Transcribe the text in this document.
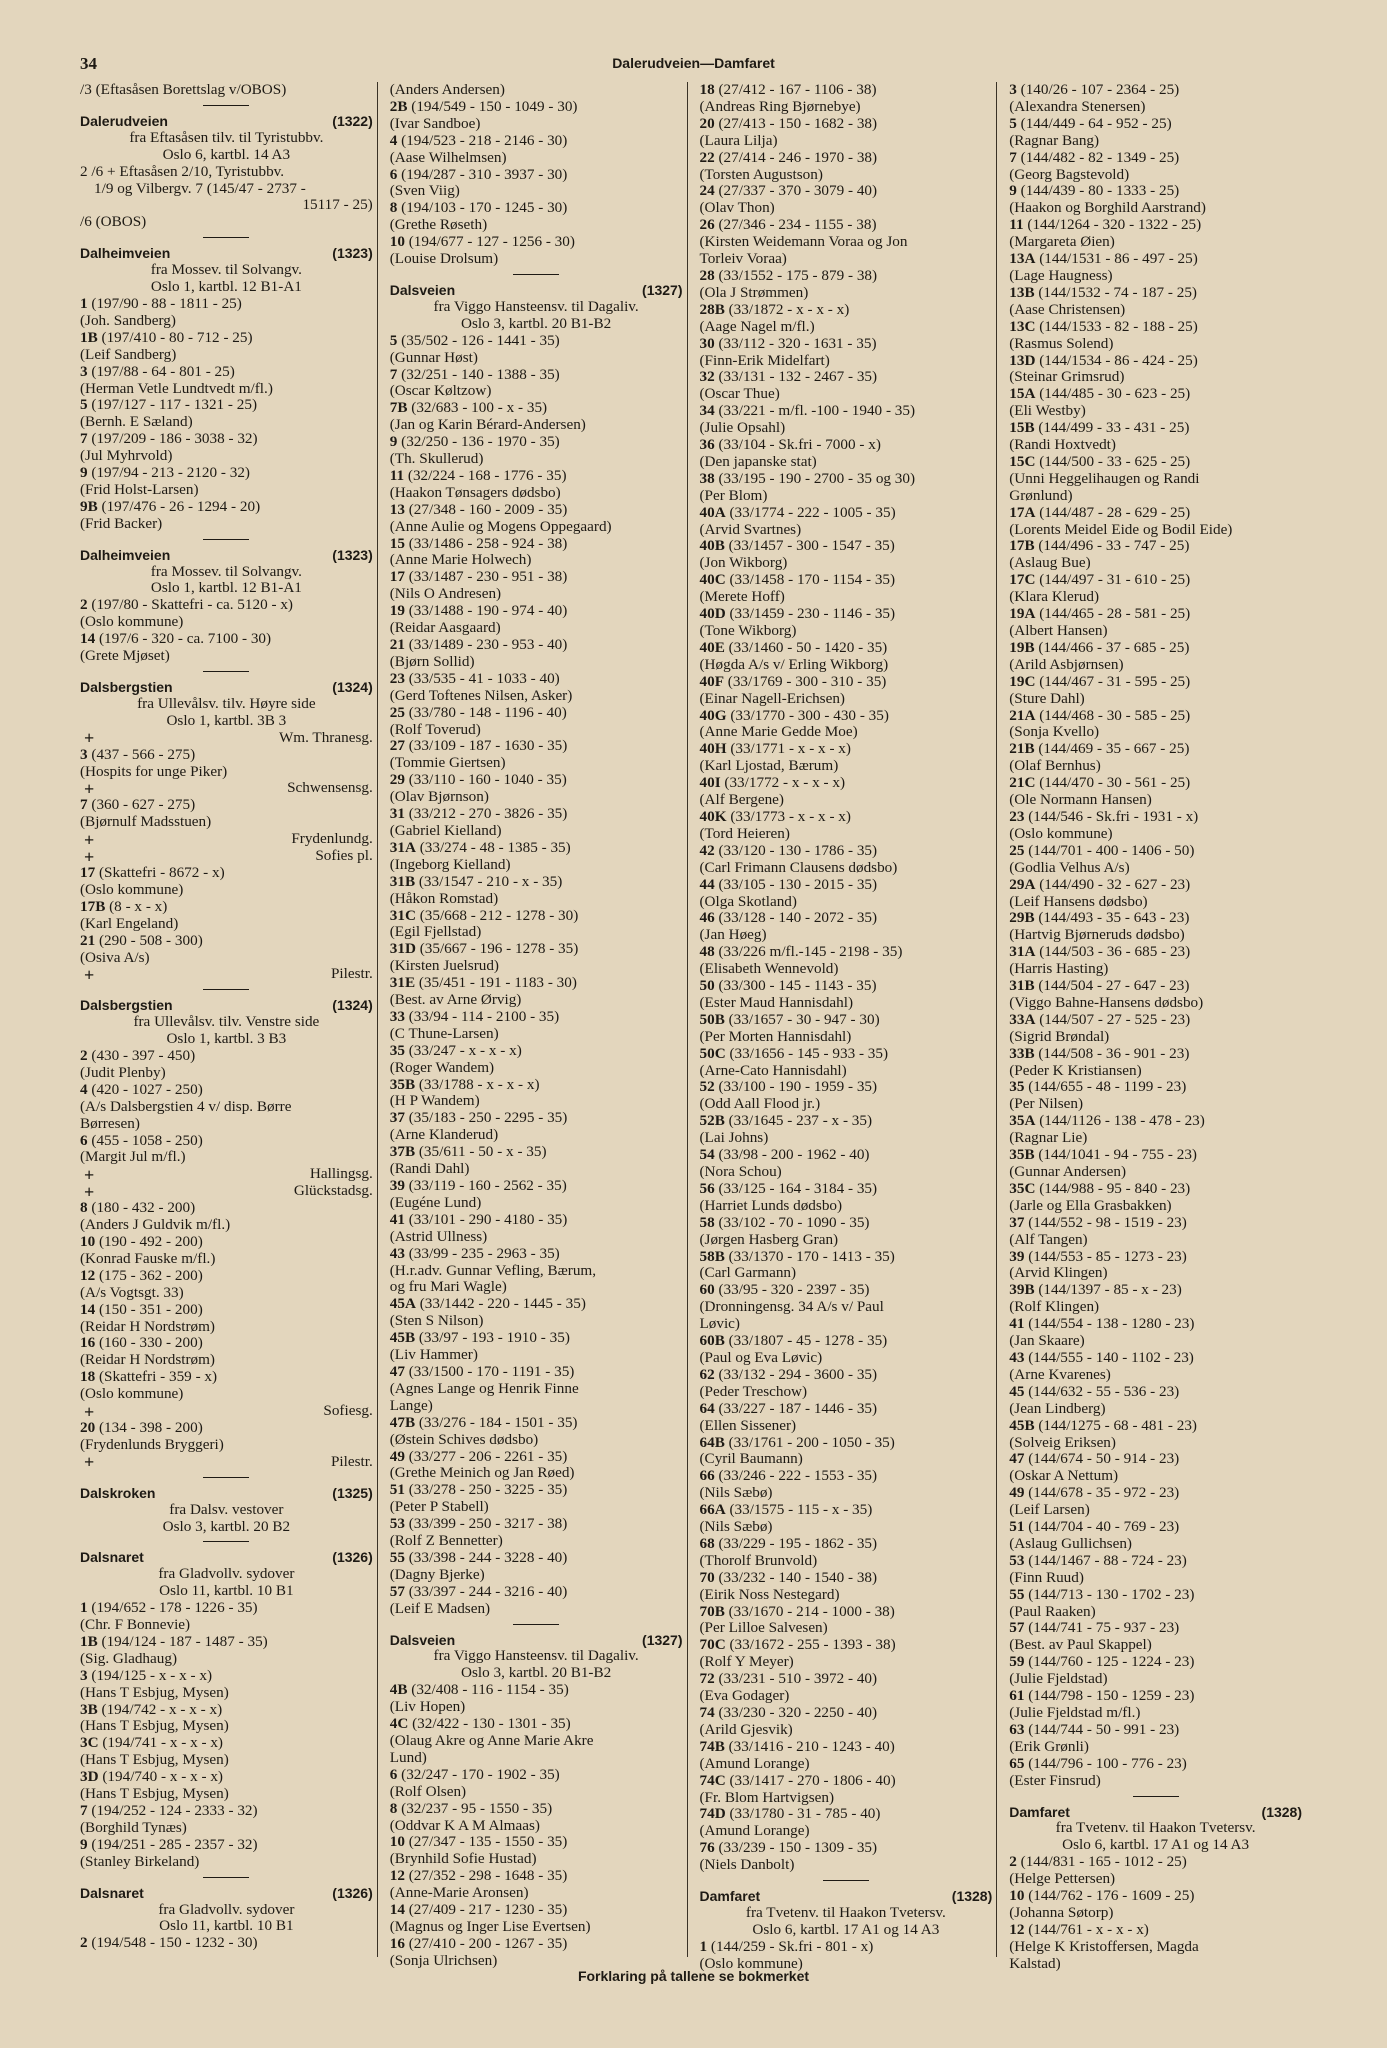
34	Dalerudveien—Damfaret
/3 (Eftasåsen Borettslag v/OBOS)
Dalerudveien	(1322)
fra Eftasåsen tilv. til Tyristubbv.
Oslo 6, kartbl. 14 A3
2 /6 + Eftasåsen 2/10, Tyristubbv.
1/9 og Vilbergv. 7 (145/47 - 2737 -
15117 - 25)
/6 (OBOS)
Dalheimveien	(1323)
fra Mossev. til Solvangv.
Oslo 1, kartbl. 12 B1-A1
1 (197/90 - 88 - 1811 - 25)
(Joh. Sandberg)
1B (197/410 - 80 - 712 - 25)
(Leif Sandberg)
3 (197/88 - 64 - 801 - 25)
(Herman Vetle Lundtvedt m/fl.)
5 (197/127 - 117 - 1321 - 25)
(Bernh. E Sæland)
7 (197/209 - 186 - 3038 - 32)
(Jul Myhrvold)
9 (197/94 - 213 - 2120 - 32)
(Frid Holst-Larsen)
9B (197/476 - 26 - 1294 - 20)
(Frid Backer)
Dalheimveien	(1323)
fra Mossev. til Solvangv.
Oslo 1, kartbl. 12 B1-A1
2 (197/80 - Skattefri - ca. 5120 - x)
(Oslo kommune)
14 (197/6 - 320 - ca. 7100 - 30)
(Grete Mjøset)
Dalsbergstien	(1324)
fra Ullevålsv. tilv. Høyre side
Oslo 1, kartbl. 3B 3
+	Wm. Thranesg.
3 (437 - 566 - 275)
(Hospits for unge Piker)
+	Schwensensg.
7 (360 - 627 - 275)
(Bjørnulf Madsstuen)
+	Frydenlundg.
+	Sofies pl.
17 (Skattefri - 8672 - x)
(Oslo kommune)
17B (8 - x - x)
(Karl Engeland)
21 (290 - 508 - 300)
(Osiva A/s)
+	Pilestr.
Dalsbergstien	(1324)
fra Ullevålsv. tilv. Venstre side
Oslo 1, kartbl. 3 B3
2 (430 - 397 - 450)
(Judit Plenby)
4 (420 - 1027 - 250)
(A/s Dalsbergstien 4 v/ disp. Børre
Børresen)
6 (455 - 1058 - 250)
(Margit Jul m/fl.)
+	Hallingsg.
+	Glückstadsg.
8 (180 - 432 - 200)
(Anders J Guldvik m/fl.)
10 (190 - 492 - 200)
(Konrad Fauske m/fl.)
12 (175 - 362 - 200)
(A/s Vogtsgt. 33)
14 (150 - 351 - 200)
(Reidar H Nordstrøm)
16 (160 - 330 - 200)
(Reidar H Nordstrøm)
18 (Skattefri - 359 - x)
(Oslo kommune)
+	Sofiesg.
20 (134 - 398 - 200)
(Frydenlunds Bryggeri)
+	Pilestr.
Dalskroken	(1325)
fra Dalsv. vestover
Oslo 3, kartbl. 20 B2
Dalsnaret	(1326)
fra Gladvollv. sydover
Oslo 11, kartbl. 10 B1
1 (194/652 - 178 - 1226 - 35)
(Chr. F Bonnevie)
1B (194/124 - 187 - 1487 - 35)
(Sig. Gladhaug)
3 (194/125 - x - x - x)
(Hans T Esbjug, Mysen)
3B (194/742 - x - x - x)
(Hans T Esbjug, Mysen)
3C (194/741 - x - x - x)
(Hans T Esbjug, Mysen)
3D (194/740 - x - x - x)
(Hans T Esbjug, Mysen)
7 (194/252 - 124 - 2333 - 32)
(Borghild Tynæs)
9 (194/251 - 285 - 2357 - 32)
(Stanley Birkeland)
Dalsnaret	(1326)
fra Gladvollv. sydover
Oslo 11, kartbl. 10 B1
2 (194/548 - 150 - 1232 - 30)
(Anders Andersen)
2B (194/549 - 150 - 1049 - 30)
(Ivar Sandboe)
4 (194/523 - 218 - 2146 - 30)
(Aase Wilhelmsen)
6 (194/287 - 310 - 3937 - 30)
(Sven Viig)
8 (194/103 - 170 - 1245 - 30)
(Grethe Røseth)
10 (194/677 - 127 - 1256 - 30)
(Louise Drolsum)
Dalsveien	(1327)
fra Viggo Hansteensv. til Dagaliv.
Oslo 3, kartbl. 20 B1-B2
5 (35/502 - 126 - 1441 - 35)
(Gunnar Høst)
7 (32/251 - 140 - 1388 - 35)
(Oscar Køltzow)
7B (32/683 - 100 - x - 35)
(Jan og Karin Bérard-Andersen)
9 (32/250 - 136 - 1970 - 35)
(Th. Skullerud)
11 (32/224 - 168 - 1776 - 35)
(Haakon Tønsagers dødsbo)
13 (27/348 - 160 - 2009 - 35)
(Anne Aulie og Mogens Oppegaard)
15 (33/1486 - 258 - 924 - 38)
(Anne Marie Holwech)
17 (33/1487 - 230 - 951 - 38)
(Nils O Andresen)
19 (33/1488 - 190 - 974 - 40)
(Reidar Aasgaard)
21 (33/1489 - 230 - 953 - 40)
(Bjørn Sollid)
23 (33/535 - 41 - 1033 - 40)
(Gerd Toftenes Nilsen, Asker)
25 (33/780 - 148 - 1196 - 40)
(Rolf Toverud)
27 (33/109 - 187 - 1630 - 35)
(Tommie Giertsen)
29 (33/110 - 160 - 1040 - 35)
(Olav Bjørnson)
31 (33/212 - 270 - 3826 - 35)
(Gabriel Kielland)
31A (33/274 - 48 - 1385 - 35)
(Ingeborg Kielland)
31B (33/1547 - 210 - x - 35)
(Håkon Romstad)
31C (35/668 - 212 - 1278 - 30)
(Egil Fjellstad)
31D (35/667 - 196 - 1278 - 35)
(Kirsten Juelsrud)
31E (35/451 - 191 - 1183 - 30)
(Best. av Arne Ørvig)
33 (33/94 - 114 - 2100 - 35)
(C Thune-Larsen)
35 (33/247 - x - x - x)
(Roger Wandem)
35B (33/1788 - x - x - x)
(H P Wandem)
37 (35/183 - 250 - 2295 - 35)
(Arne Klanderud)
37B (35/611 - 50 - x - 35)
(Randi Dahl)
39 (33/119 - 160 - 2562 - 35)
(Eugéne Lund)
41 (33/101 - 290 - 4180 - 35)
(Astrid Ullness)
43 (33/99 - 235 - 2963 - 35)
(H.r.adv. Gunnar Vefling, Bærum,
og fru Mari Wagle)
45A (33/1442 - 220 - 1445 - 35)
(Sten S Nilson)
45B (33/97 - 193 - 1910 - 35)
(Liv Hammer)
47 (33/1500 - 170 - 1191 - 35)
(Agnes Lange og Henrik Finne
Lange)
47B (33/276 - 184 - 1501 - 35)
(Østein Schives dødsbo)
49 (33/277 - 206 - 2261 - 35)
(Grethe Meinich og Jan Røed)
51 (33/278 - 250 - 3225 - 35)
(Peter P Stabell)
53 (33/399 - 250 - 3217 - 38)
(Rolf Z Bennetter)
55 (33/398 - 244 - 3228 - 40)
(Dagny Bjerke)
57 (33/397 - 244 - 3216 - 40)
(Leif E Madsen)
Dalsveien	(1327)
fra Viggo Hansteensv. til Dagaliv.
Oslo 3, kartbl. 20 B1-B2
4B (32/408 - 116 - 1154 - 35)
(Liv Hopen)
4C (32/422 - 130 - 1301 - 35)
(Olaug Akre og Anne Marie Akre
Lund)
6 (32/247 - 170 - 1902 - 35)
(Rolf Olsen)
8 (32/237 - 95 - 1550 - 35)
(Oddvar K A M Almaas)
10 (27/347 - 135 - 1550 - 35)
(Brynhild Sofie Hustad)
12 (27/352 - 298 - 1648 - 35)
(Anne-Marie Aronsen)
14 (27/409 - 217 - 1230 - 35)
(Magnus og Inger Lise Evertsen)
16 (27/410 - 200 - 1267 - 35)
(Sonja Ulrichsen)
18 (27/412 - 167 - 1106 - 38)
(Andreas Ring Bjørnebye)
20 (27/413 - 150 - 1682 - 38)
(Laura Lilja)
22 (27/414 - 246 - 1970 - 38)
(Torsten Augustson)
24 (27/337 - 370 - 3079 - 40)
(Olav Thon)
26 (27/346 - 234 - 1155 - 38)
(Kirsten Weidemann Voraa og Jon
Torleiv Voraa)
28 (33/1552 - 175 - 879 - 38)
(Ola J Strømmen)
28B (33/1872 - x - x - x)
(Aage Nagel m/fl.)
30 (33/112 - 320 - 1631 - 35)
(Finn-Erik Midelfart)
32 (33/131 - 132 - 2467 - 35)
(Oscar Thue)
34 (33/221 - m/fl. -100 - 1940 - 35)
(Julie Opsahl)
36 (33/104 - Sk.fri - 7000 - x)
(Den japanske stat)
38 (33/195 - 190 - 2700 - 35 og 30)
(Per Blom)
40A (33/1774 - 222 - 1005 - 35)
(Arvid Svartnes)
40B (33/1457 - 300 - 1547 - 35)
(Jon Wikborg)
40C (33/1458 - 170 - 1154 - 35)
(Merete Hoff)
40D (33/1459 - 230 - 1146 - 35)
(Tone Wikborg)
40E (33/1460 - 50 - 1420 - 35)
(Høgda A/s v/ Erling Wikborg)
40F (33/1769 - 300 - 310 - 35)
(Einar Nagell-Erichsen)
40G (33/1770 - 300 - 430 - 35)
(Anne Marie Gedde Moe)
40H (33/1771 - x - x - x)
(Karl Ljostad, Bærum)
40I (33/1772 - x - x - x)
(Alf Bergene)
40K (33/1773 - x - x - x)
(Tord Heieren)
42 (33/120 - 130 - 1786 - 35)
(Carl Frimann Clausens dødsbo)
44 (33/105 - 130 - 2015 - 35)
(Olga Skotland)
46 (33/128 - 140 - 2072 - 35)
(Jan Høeg)
48 (33/226 m/fl.-145 - 2198 - 35)
(Elisabeth Wennevold)
50 (33/300 - 145 - 1143 - 35)
(Ester Maud Hannisdahl)
50B (33/1657 - 30 - 947 - 30)
(Per Morten Hannisdahl)
50C (33/1656 - 145 - 933 - 35)
(Arne-Cato Hannisdahl)
52 (33/100 - 190 - 1959 - 35)
(Odd Aall Flood jr.)
52B (33/1645 - 237 - x - 35)
(Lai Johns)
54 (33/98 - 200 - 1962 - 40)
(Nora Schou)
56 (33/125 - 164 - 3184 - 35)
(Harriet Lunds dødsbo)
58 (33/102 - 70 - 1090 - 35)
(Jørgen Hasberg Gran)
58B (33/1370 - 170 - 1413 - 35)
(Carl Garmann)
60 (33/95 - 320 - 2397 - 35)
(Dronningensg. 34 A/s v/ Paul
Løvic)
60B (33/1807 - 45 - 1278 - 35)
(Paul og Eva Løvic)
62 (33/132 - 294 - 3600 - 35)
(Peder Treschow)
64 (33/227 - 187 - 1446 - 35)
(Ellen Sissener)
64B (33/1761 - 200 - 1050 - 35)
(Cyril Baumann)
66 (33/246 - 222 - 1553 - 35)
(Nils Sæbø)
66A (33/1575 - 115 - x - 35)
(Nils Sæbø)
68 (33/229 - 195 - 1862 - 35)
(Thorolf Brunvold)
70 (33/232 - 140 - 1540 - 38)
(Eirik Noss Nestegard)
70B (33/1670 - 214 - 1000 - 38)
(Per Lilloe Salvesen)
70C (33/1672 - 255 - 1393 - 38)
(Rolf Y Meyer)
72 (33/231 - 510 - 3972 - 40)
(Eva Godager)
74 (33/230 - 320 - 2250 - 40)
(Arild Gjesvik)
74B (33/1416 - 210 - 1243 - 40)
(Amund Lorange)
74C (33/1417 - 270 - 1806 - 40)
(Fr. Blom Hartvigsen)
74D (33/1780 - 31 - 785 - 40)
(Amund Lorange)
76 (33/239 - 150 - 1309 - 35)
(Niels Danbolt)
Damfaret	(1328)
fra Tvetenv. til Haakon Tvetersv.
Oslo 6, kartbl. 17 A1 og 14 A3
1 (144/259 - Sk.fri - 801 - x)
(Oslo kommune)
3 (140/26 - 107 - 2364 - 25)
(Alexandra Stenersen)
5 (144/449 - 64 - 952 - 25)
(Ragnar Bang)
7 (144/482 - 82 - 1349 - 25)
(Georg Bagstevold)
9 (144/439 - 80 - 1333 - 25)
(Haakon og Borghild Aarstrand)
11 (144/1264 - 320 - 1322 - 25)
(Margareta Øien)
13A (144/1531 - 86 - 497 - 25)
(Lage Haugness)
13B (144/1532 - 74 - 187 - 25)
(Aase Christensen)
13C (144/1533 - 82 - 188 - 25)
(Rasmus Solend)
13D (144/1534 - 86 - 424 - 25)
(Steinar Grimsrud)
15A (144/485 - 30 - 623 - 25)
(Eli Westby)
15B (144/499 - 33 - 431 - 25)
(Randi Hoxtvedt)
15C (144/500 - 33 - 625 - 25)
(Unni Heggelihaugen og Randi
Grønlund)
17A (144/487 - 28 - 629 - 25)
(Lorents Meidel Eide og Bodil Eide)
17B (144/496 - 33 - 747 - 25)
(Aslaug Bue)
17C (144/497 - 31 - 610 - 25)
(Klara Klerud)
19A (144/465 - 28 - 581 - 25)
(Albert Hansen)
19B (144/466 - 37 - 685 - 25)
(Arild Asbjørnsen)
19C (144/467 - 31 - 595 - 25)
(Sture Dahl)
21A (144/468 - 30 - 585 - 25)
(Sonja Kvello)
21B (144/469 - 35 - 667 - 25)
(Olaf Bernhus)
21C (144/470 - 30 - 561 - 25)
(Ole Normann Hansen)
23 (144/546 - Sk.fri - 1931 - x)
(Oslo kommune)
25 (144/701 - 400 - 1406 - 50)
(Godlia Velhus A/s)
29A (144/490 - 32 - 627 - 23)
(Leif Hansens dødsbo)
29B (144/493 - 35 - 643 - 23)
(Hartvig Bjørneruds dødsbo)
31A (144/503 - 36 - 685 - 23)
(Harris Hasting)
31B (144/504 - 27 - 647 - 23)
(Viggo Bahne-Hansens dødsbo)
33A (144/507 - 27 - 525 - 23)
(Sigrid Brøndal)
33B (144/508 - 36 - 901 - 23)
(Peder K Kristiansen)
35 (144/655 - 48 - 1199 - 23)
(Per Nilsen)
35A (144/1126 - 138 - 478 - 23)
(Ragnar Lie)
35B (144/1041 - 94 - 755 - 23)
(Gunnar Andersen)
35C (144/988 - 95 - 840 - 23)
(Jarle og Ella Grasbakken)
37 (144/552 - 98 - 1519 - 23)
(Alf Tangen)
39 (144/553 - 85 - 1273 - 23)
(Arvid Klingen)
39B (144/1397 - 85 - x - 23)
(Rolf Klingen)
41 (144/554 - 138 - 1280 - 23)
(Jan Skaare)
43 (144/555 - 140 - 1102 - 23)
(Arne Kvarenes)
45 (144/632 - 55 - 536 - 23)
(Jean Lindberg)
45B (144/1275 - 68 - 481 - 23)
(Solveig Eriksen)
47 (144/674 - 50 - 914 - 23)
(Oskar A Nettum)
49 (144/678 - 35 - 972 - 23)
(Leif Larsen)
51 (144/704 - 40 - 769 - 23)
(Aslaug Gullichsen)
53 (144/1467 - 88 - 724 - 23)
(Finn Ruud)
55 (144/713 - 130 - 1702 - 23)
(Paul Raaken)
57 (144/741 - 75 - 937 - 23)
(Best. av Paul Skappel)
59 (144/760 - 125 - 1224 - 23)
(Julie Fjeldstad)
61 (144/798 - 150 - 1259 - 23)
(Julie Fjeldstad m/fl.)
63 (144/744 - 50 - 991 - 23)
(Erik Grønli)
65 (144/796 - 100 - 776 - 23)
(Ester Finsrud)
Damfaret	(1328)
fra Tvetenv. til Haakon Tvetersv.
Oslo 6, kartbl. 17 A1 og 14 A3
2 (144/831 - 165 - 1012 - 25)
(Helge Pettersen)
10 (144/762 - 176 - 1609 - 25)
(Johanna Søtorp)
12 (144/761 - x - x - x)
(Helge K Kristoffersen, Magda
Kalstad)
Forklaring på tallene se bokmerket
